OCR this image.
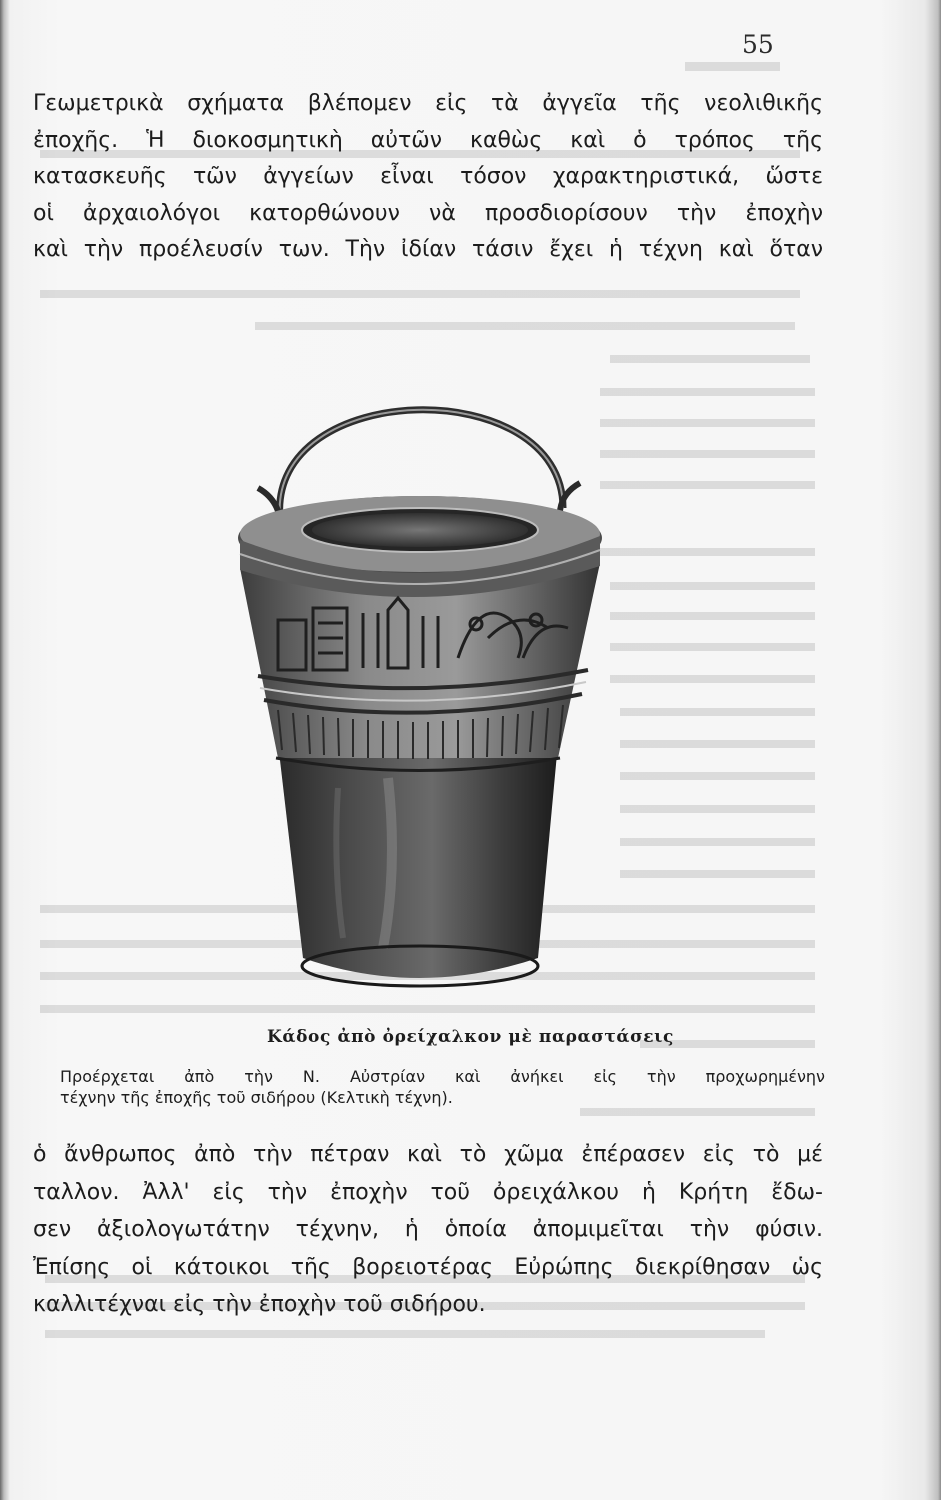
55
Γεωμετρικὰ σχήματα βλέπομεν εἰς τὰ ἀγγεῖα τῆς νεολιθικῆς
ἐποχῆς. Ἡ διοκοσμητικὴ αὐτῶν καθὼς καὶ ὁ τρόπος τῆς
κατασκευῆς τῶν ἀγγείων εἶναι τόσον χαρακτηριστικά, ὥστε
οἱ ἀρχαιολόγοι κατορθώνουν νὰ προσδιορίσουν τὴν ἐποχὴν
καὶ τὴν προέλευσίν των. Τὴν ἰδίαν τάσιν ἔχει ἡ τέχνη καὶ ὅταν
Κάδος ἀπὸ ὀρείχαλκον μὲ παραστάσεις
Προέρχεται ἀπὸ τὴν Ν. Αὐστρίαν καὶ ἀνήκει εἰς τὴν προχωρημένην
τέχνην τῆς ἐποχῆς τοῦ σιδήρου (Κελτικὴ τέχνη).
ὁ ἄνθρωπος ἀπὸ τὴν πέτραν καὶ τὸ χῶμα ἐπέρασεν εἰς τὸ μέ
ταλλον. Ἀλλ' εἰς τὴν ἐποχὴν τοῦ ὀρειχάλκου ἡ Κρήτη ἔδω-
σεν ἀξιολογωτάτην τέχνην, ἡ ὁποία ἀπομιμεῖται τὴν φύσιν.
Ἐπίσης οἱ κάτοικοι τῆς βορειοτέρας Εὐρώπης διεκρίθησαν ὡς
καλλιτέχναι εἰς τὴν ἐποχὴν τοῦ σιδήρου.
